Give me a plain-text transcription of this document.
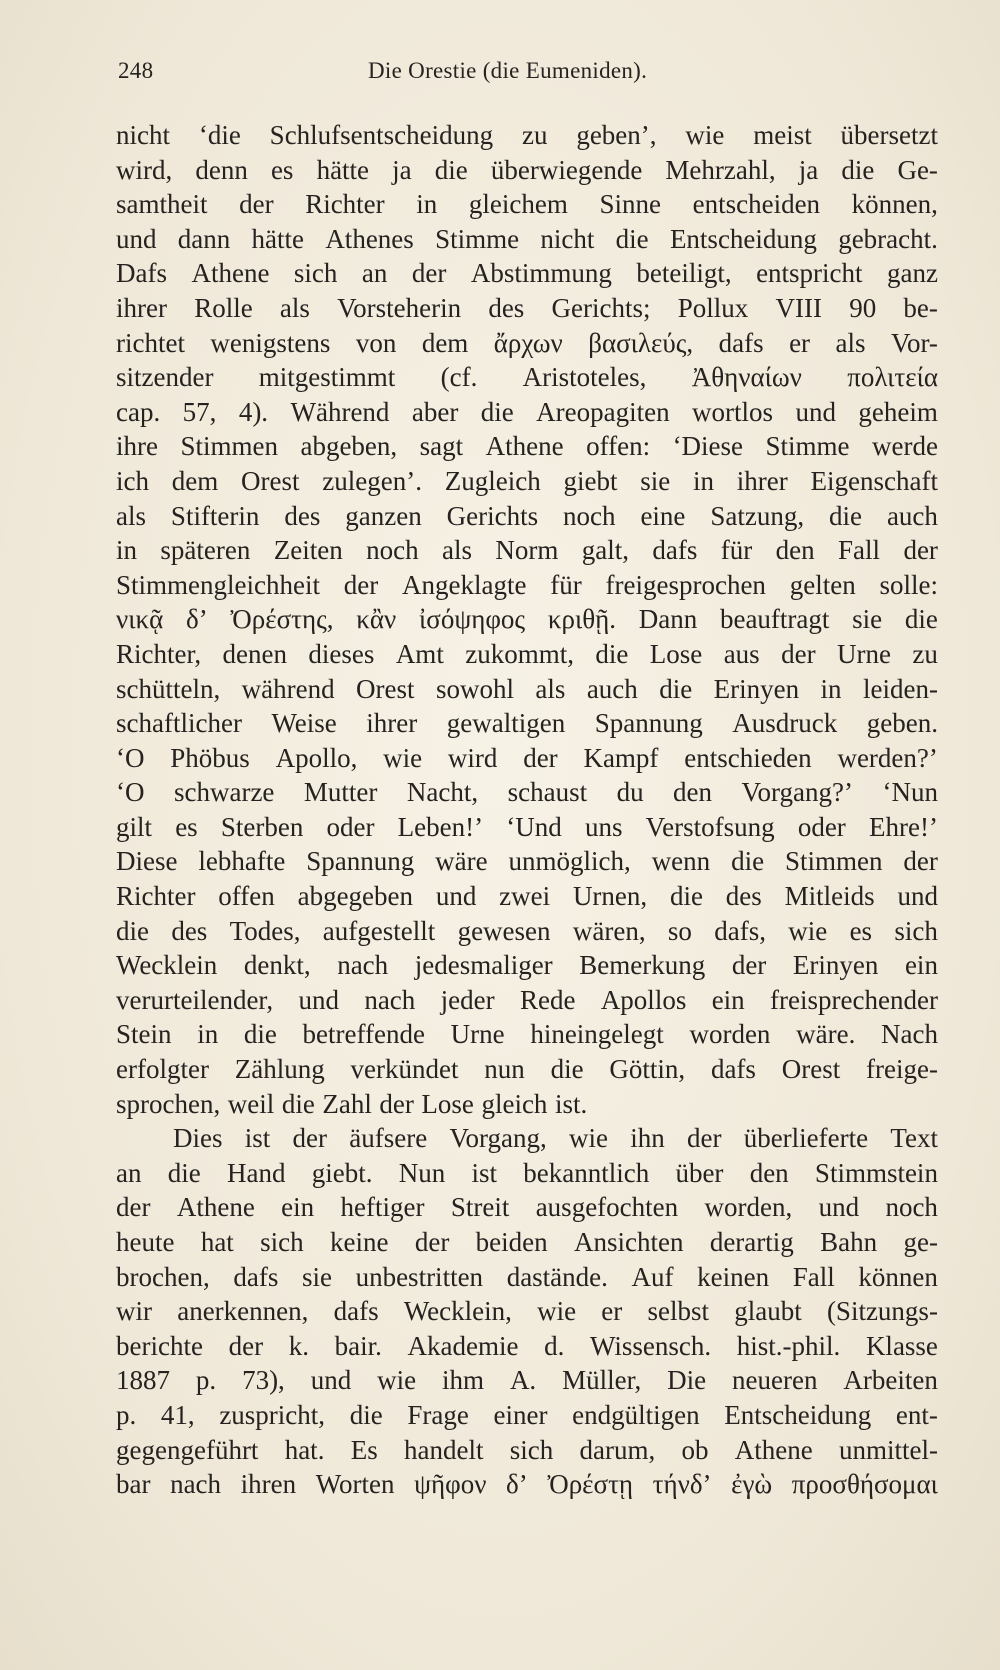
248	Die Orestie (die Eumeniden).
nicht ‘die Schlufsentscheidung zu geben’, wie meist übersetzt
wird, denn es hätte ja die überwiegende Mehrzahl, ja die Ge-
samtheit der Richter in gleichem Sinne entscheiden können,
und dann hätte Athenes Stimme nicht die Entscheidung gebracht.
Dafs Athene sich an der Abstimmung beteiligt, entspricht ganz
ihrer Rolle als Vorsteherin des Gerichts; Pollux VIII 90 be-
richtet wenigstens von dem ἄρχων βασιλεύς, dafs er als Vor-
sitzender mitgestimmt (cf. Aristoteles, Ἀθηναίων πολιτεία
cap. 57, 4). Während aber die Areopagiten wortlos und geheim
ihre Stimmen abgeben, sagt Athene offen: ‘Diese Stimme werde
ich dem Orest zulegen’. Zugleich giebt sie in ihrer Eigenschaft
als Stifterin des ganzen Gerichts noch eine Satzung, die auch
in späteren Zeiten noch als Norm galt, dafs für den Fall der
Stimmengleichheit der Angeklagte für freigesprochen gelten solle:
νικᾷ δ’ Ὀρέστης, κἂν ἰσόψηφος κριθῇ. Dann beauftragt sie die
Richter, denen dieses Amt zukommt, die Lose aus der Urne zu
schütteln, während Orest sowohl als auch die Erinyen in leiden-
schaftlicher Weise ihrer gewaltigen Spannung Ausdruck geben.
‘O Phöbus Apollo, wie wird der Kampf entschieden werden?’
‘O schwarze Mutter Nacht, schaust du den Vorgang?’ ‘Nun
gilt es Sterben oder Leben!’ ‘Und uns Verstofsung oder Ehre!’
Diese lebhafte Spannung wäre unmöglich, wenn die Stimmen der
Richter offen abgegeben und zwei Urnen, die des Mitleids und
die des Todes, aufgestellt gewesen wären, so dafs, wie es sich
Wecklein denkt, nach jedesmaliger Bemerkung der Erinyen ein
verurteilender, und nach jeder Rede Apollos ein freisprechender
Stein in die betreffende Urne hineingelegt worden wäre. Nach
erfolgter Zählung verkündet nun die Göttin, dafs Orest freige-
sprochen, weil die Zahl der Lose gleich ist.
Dies ist der äufsere Vorgang, wie ihn der überlieferte Text
an die Hand giebt. Nun ist bekanntlich über den Stimmstein
der Athene ein heftiger Streit ausgefochten worden, und noch
heute hat sich keine der beiden Ansichten derartig Bahn ge-
brochen, dafs sie unbestritten dastände. Auf keinen Fall können
wir anerkennen, dafs Wecklein, wie er selbst glaubt (Sitzungs-
berichte der k. bair. Akademie d. Wissensch. hist.-phil. Klasse
1887 p. 73), und wie ihm A. Müller, Die neueren Arbeiten
p. 41, zuspricht, die Frage einer endgültigen Entscheidung ent-
gegengeführt hat. Es handelt sich darum, ob Athene unmittel-
bar nach ihren Worten ψῆφον δ’ Ὀρέστῃ τήνδ’ ἐγὼ προσθήσομαι
